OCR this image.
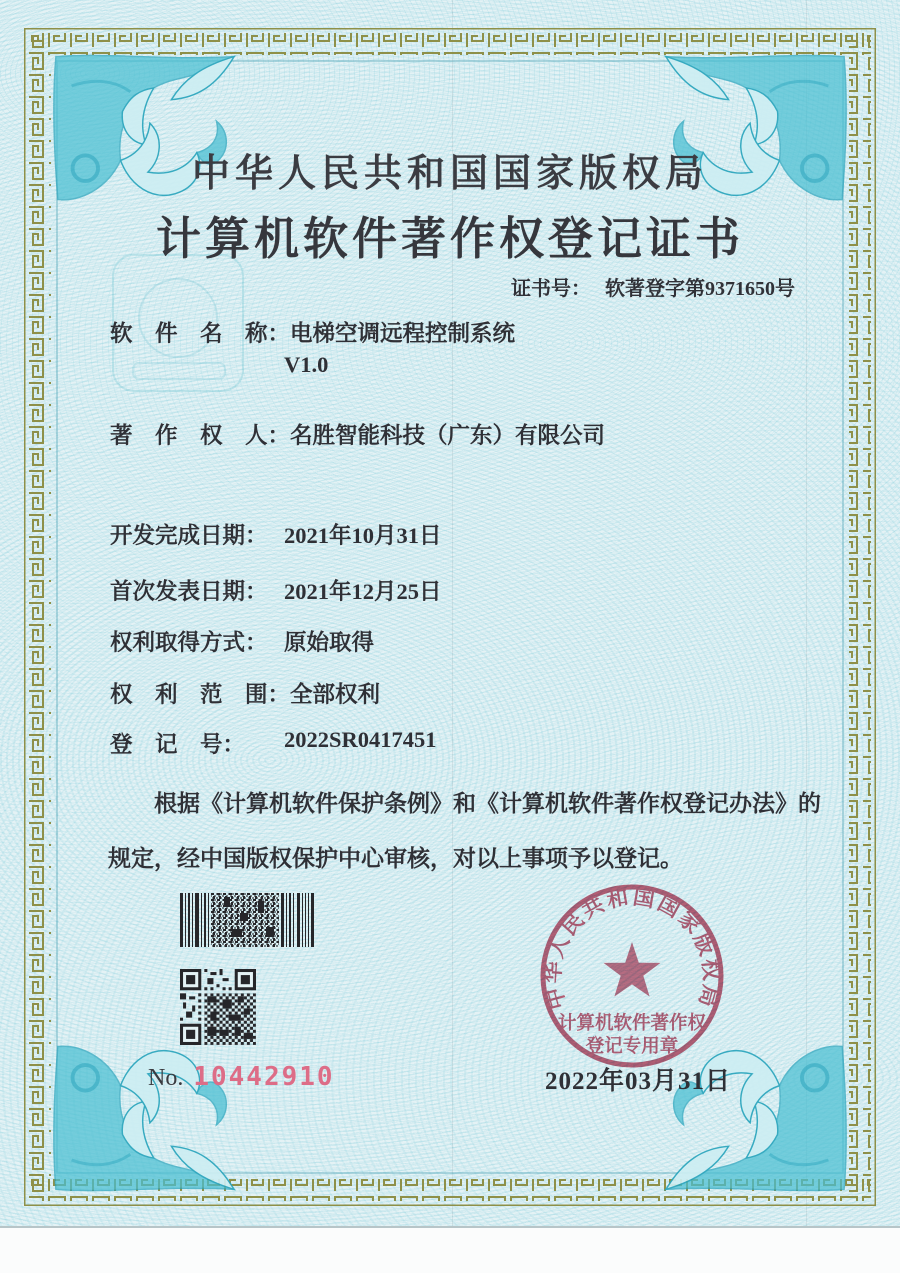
中华人民共和国国家版权局
计算机软件著作权登记证书
证书号： 软著登字第9371650号
软　件　名　称： 电梯空调远程控制系统
V1.0
著　作　权　人： 名胜智能科技（广东）有限公司
开发完成日期： 2021年10月31日
首次发表日期： 2021年12月25日
权利取得方式： 原始取得
权　利　范　围： 全部权利
登　记　号：	2022SR0417451

根据《计算机软件保护条例》和《计算机软件著作权登记办法》的规定，经中国版权保护中心审核，对以上事项予以登记。

中华人民共和国国家版权局
计算机软件著作权
登记专用章
No. 10442910	2022年03月31日
